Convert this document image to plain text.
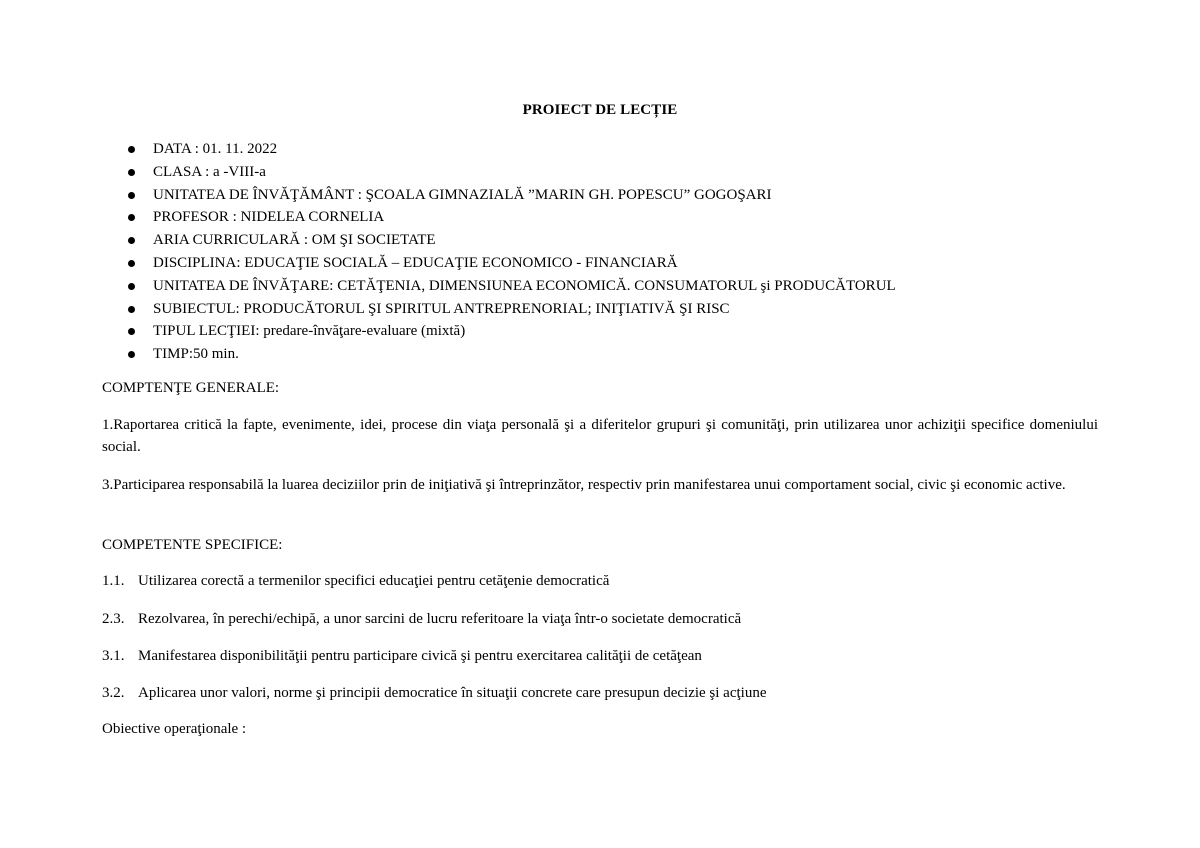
PROIECT DE LECȚIE
DATA : 01. 11. 2022
CLASA : a -VIII-a
UNITATEA DE ÎNVĂŢĂMÂNT : ŞCOALA GIMNAZIALĂ ”MARIN GH. POPESCU” GOGOŞARI
PROFESOR : NIDELEA CORNELIA
ARIA CURRICULARĂ : OM ŞI SOCIETATE
DISCIPLINA: EDUCAŢIE SOCIALĂ – EDUCAŢIE ECONOMICO - FINANCIARĂ
UNITATEA DE ÎNVĂŢARE: CETĂŢENIA, DIMENSIUNEA ECONOMICĂ. CONSUMATORUL şi PRODUCĂTORUL
SUBIECTUL: PRODUCĂTORUL ŞI SPIRITUL ANTREPRENORIAL; INIŢIATIVĂ ŞI RISC
TIPUL LECŢIEI: predare-învăţare-evaluare (mixtă)
TIMP:50 min.
COMPTENŢE GENERALE:
1.Raportarea critică la fapte, evenimente, idei, procese din viaţa personală şi a diferitelor grupuri şi comunităţi, prin utilizarea unor achiziţii specifice domeniului social.
3.Participarea responsabilă la luarea deciziilor prin de iniţiativă şi întreprinzător, respectiv prin manifestarea unui comportament social, civic şi economic active.
COMPETENTE SPECIFICE:
1.1. Utilizarea corectă a termenilor specifici educaţiei pentru cetăţenie democratică
2.3. Rezolvarea, în perechi/echipă, a unor sarcini de lucru referitoare la viaţa într-o societate democratică
3.1. Manifestarea disponibilităţii pentru participare civică şi pentru exercitarea calităţii de cetăţean
3.2. Aplicarea unor valori, norme şi principii democratice în situaţii concrete care presupun decizie şi acţiune
Obiective operaţionale :
